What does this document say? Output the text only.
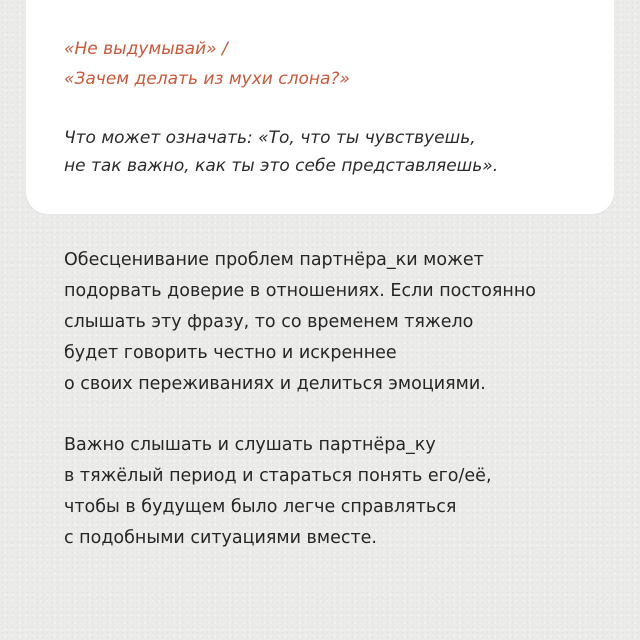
«Не выдумывай» /
«Зачем делать из мухи слона?»

Что может означать: «То, что ты чувствуешь,
не так важно, как ты это себе представляешь».

Обесценивание проблем партнёра_ки может
подорвать доверие в отношениях. Если постоянно
слышать эту фразу, то со временем тяжело
будет говорить честно и искреннее
о своих переживаниях и делиться эмоциями.

Важно слышать и слушать партнёра_ку
в тяжёлый период и стараться понять его/её,
чтобы в будущем было легче справляться
с подобными ситуациями вместе.
